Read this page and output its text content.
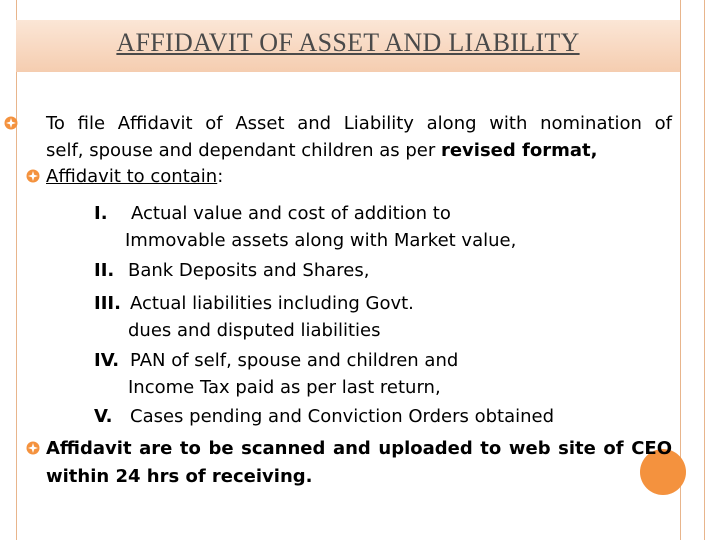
AFFIDAVIT OF ASSET AND LIABILITY
To file Affidavit of Asset and Liability along with nomination of
self, spouse and dependant children as per revised format,
Affidavit to contain:
I. Actual value and cost of addition to
Immovable assets along with Market value,
II. Bank Deposits and Shares,
III. Actual liabilities including Govt.
dues and disputed liabilities
IV. PAN of self, spouse and children and
Income Tax paid as per last return,
V. Cases pending and Conviction Orders obtained
Affidavit are to be scanned and uploaded to web site of CEO
within 24 hrs of receiving.
